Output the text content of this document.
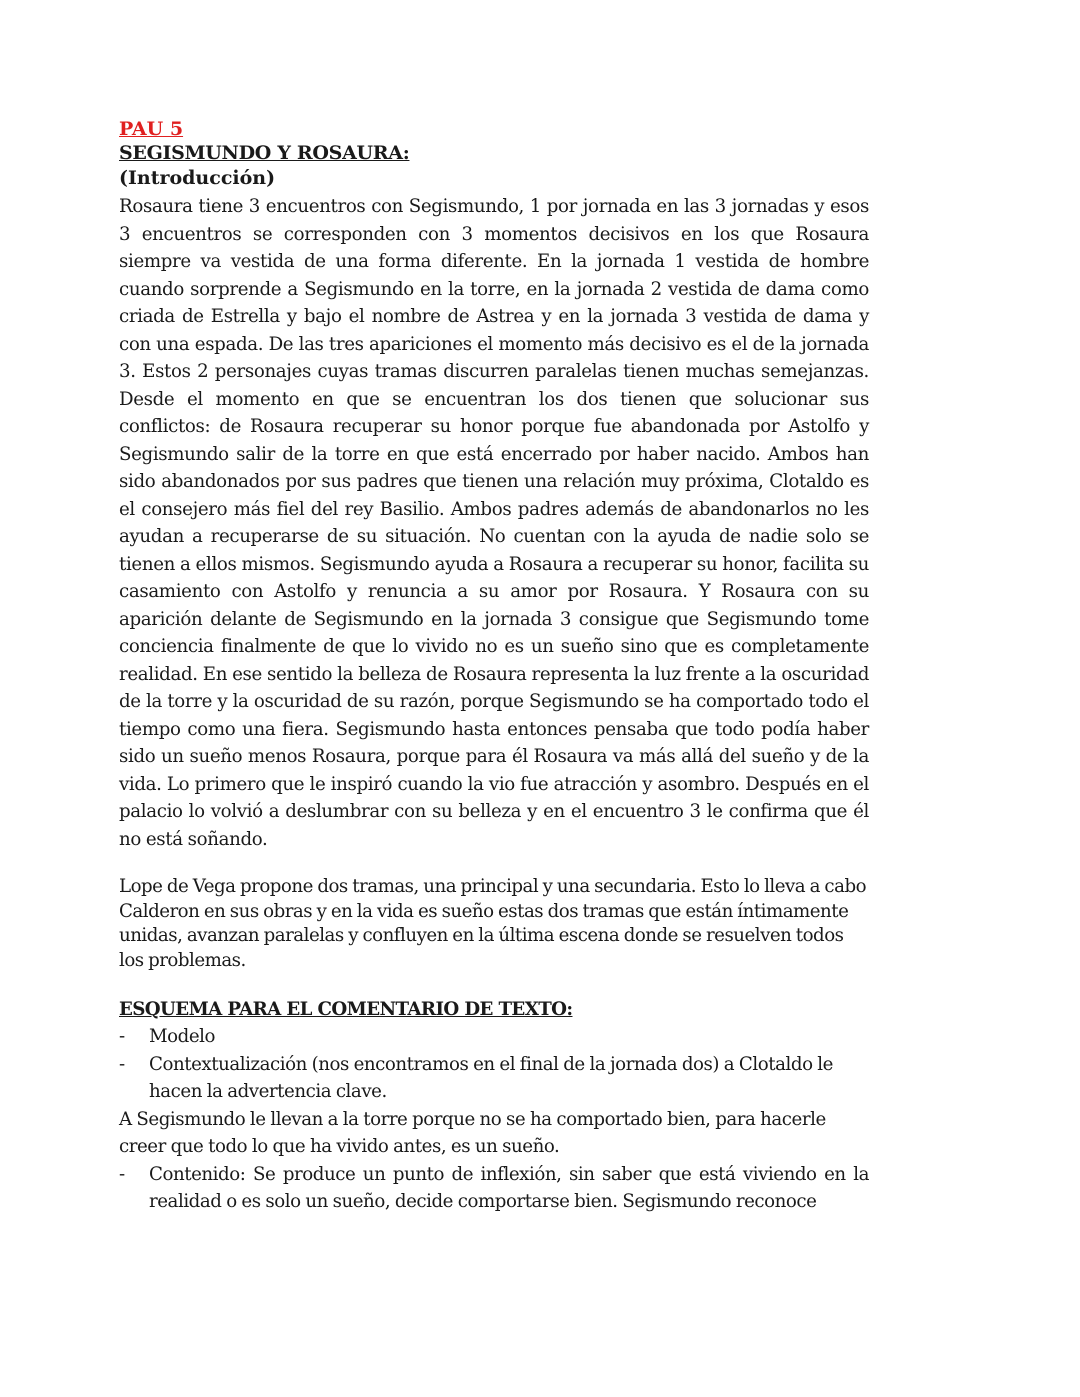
PAU 5
SEGISMUNDO Y ROSAURA:
(Introducción)

Rosaura tiene 3 encuentros con Segismundo, 1 por jornada en las 3 jornadas y esos 3 encuentros se corresponden con 3 momentos decisivos en los que Rosaura siempre va vestida de una forma diferente. En la jornada 1 vestida de hombre cuando sorprende a Segismundo en la torre, en la jornada 2 vestida de dama como criada de Estrella y bajo el nombre de Astrea y en la jornada 3 vestida de dama y con una espada. De las tres apariciones el momento más decisivo es el de la jornada 3. Estos 2 personajes cuyas tramas discurren paralelas tienen muchas semejanzas. Desde el momento en que se encuentran los dos tienen que solucionar sus conflictos: de Rosaura recuperar su honor porque fue abandonada por Astolfo y Segismundo salir de la torre en que está encerrado por haber nacido. Ambos han sido abandonados por sus padres que tienen una relación muy próxima, Clotaldo es el consejero más fiel del rey Basilio. Ambos padres además de abandonarlos no les ayudan a recuperarse de su situación. No cuentan con la ayuda de nadie solo se tienen a ellos mismos. Segismundo ayuda a Rosaura a recuperar su honor, facilita su casamiento con Astolfo y renuncia a su amor por Rosaura. Y Rosaura con su aparición delante de Segismundo en la jornada 3 consigue que Segismundo tome conciencia finalmente de que lo vivido no es un sueño sino que es completamente realidad. En ese sentido la belleza de Rosaura representa la luz frente a la oscuridad de la torre y la oscuridad de su razón, porque Segismundo se ha comportado todo el tiempo como una fiera. Segismundo hasta entonces pensaba que todo podía haber sido un sueño menos Rosaura, porque para él Rosaura va más allá del sueño y de la vida. Lo primero que le inspiró cuando la vio fue atracción y asombro. Después en el palacio lo volvió a deslumbrar con su belleza y en el encuentro 3 le confirma que él no está soñando.

Lope de Vega propone dos tramas, una principal y una secundaria. Esto lo lleva a cabo Calderon en sus obras y en la vida es sueño estas dos tramas que están íntimamente unidas, avanzan paralelas y confluyen en la última escena donde se resuelven todos los problemas.

ESQUEMA PARA EL COMENTARIO DE TEXTO:
- Modelo
- Contextualización (nos encontramos en el final de la jornada dos) a Clotaldo le hacen la advertencia clave.

A Segismundo le llevan a la torre porque no se ha comportado bien, para hacerle creer que todo lo que ha vivido antes, es un sueño.

- Contenido: Se produce un punto de inflexión, sin saber que está viviendo en la realidad o es solo un sueño, decide comportarse bien. Segismundo reconoce
